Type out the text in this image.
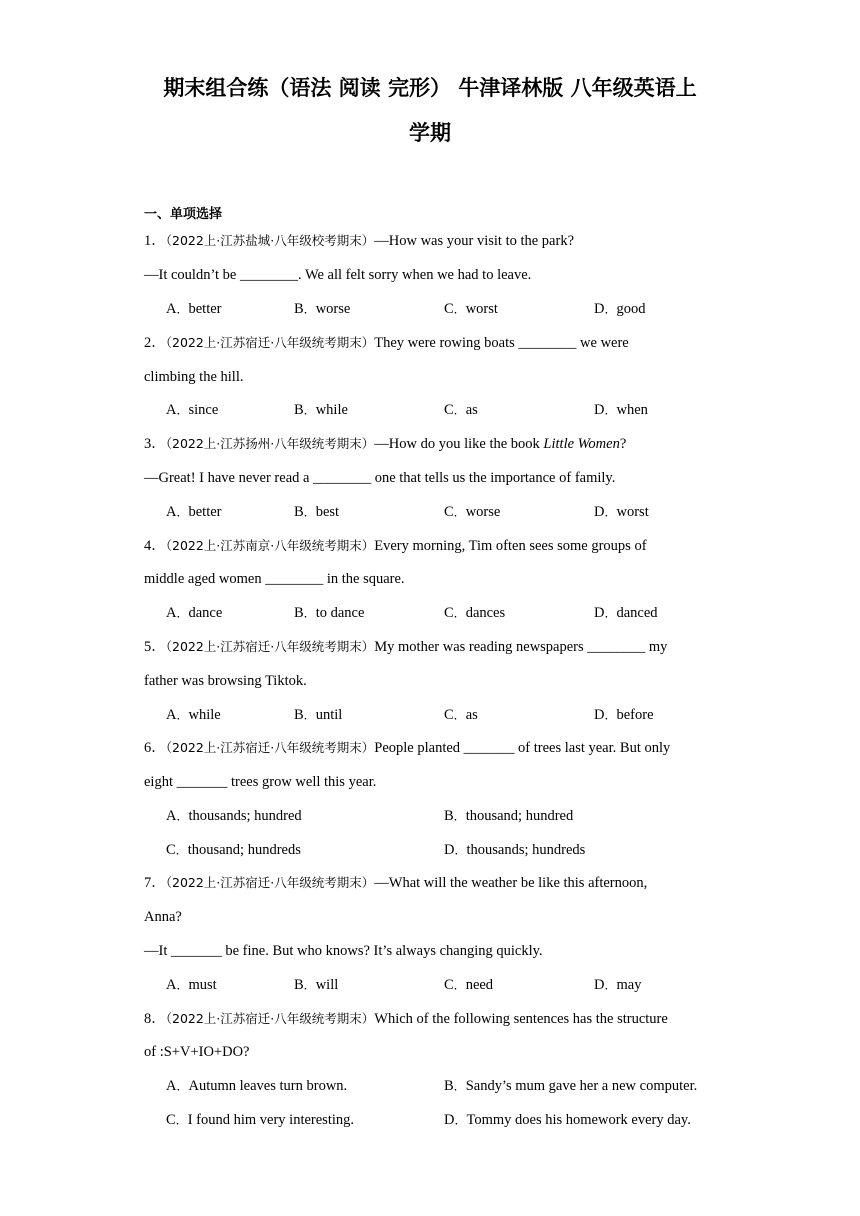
期末组合练（语法 阅读 完形） 牛津译林版 八年级英语上
学期
一、单项选择
1．（2022上·江苏盐城·八年级校考期末）—How was your visit to the park?
—It couldn’t be ________. We all felt sorry when we had to leave.
A．better	B．worse	C．worst	D．good
2．（2022上·江苏宿迁·八年级统考期末）They were rowing boats ________ we were
climbing the hill.
A．since	B．while	C．as	D．when
3．（2022上·江苏扬州·八年级统考期末）—How do you like the book Little Women?
—Great! I have never read a ________ one that tells us the importance of family.
A．better	B．best	C．worse	D．worst
4．（2022上·江苏南京·八年级统考期末）Every morning, Tim often sees some groups of
middle aged women ________ in the square.
A．dance	B．to dance	C．dances	D．danced
5．（2022上·江苏宿迁·八年级统考期末）My mother was reading newspapers ________ my
father was browsing Tiktok.
A．while	B．until	C．as	D．before
6．（2022上·江苏宿迁·八年级统考期末）People planted _______ of trees last year. But only
eight _______ trees grow well this year.
A．thousands; hundred	B．thousand; hundred
C．thousand; hundreds	D．thousands; hundreds
7．（2022上·江苏宿迁·八年级统考期末）—What will the weather be like this afternoon,
Anna?
—It _______ be fine. But who knows? It’s always changing quickly.
A．must	B．will	C．need	D．may
8．（2022上·江苏宿迁·八年级统考期末）Which of the following sentences has the structure
of :S+V+IO+DO?
A．Autumn leaves turn brown.	B．Sandy’s mum gave her a new computer.
C．I found him very interesting.	D．Tommy does his homework every day.
